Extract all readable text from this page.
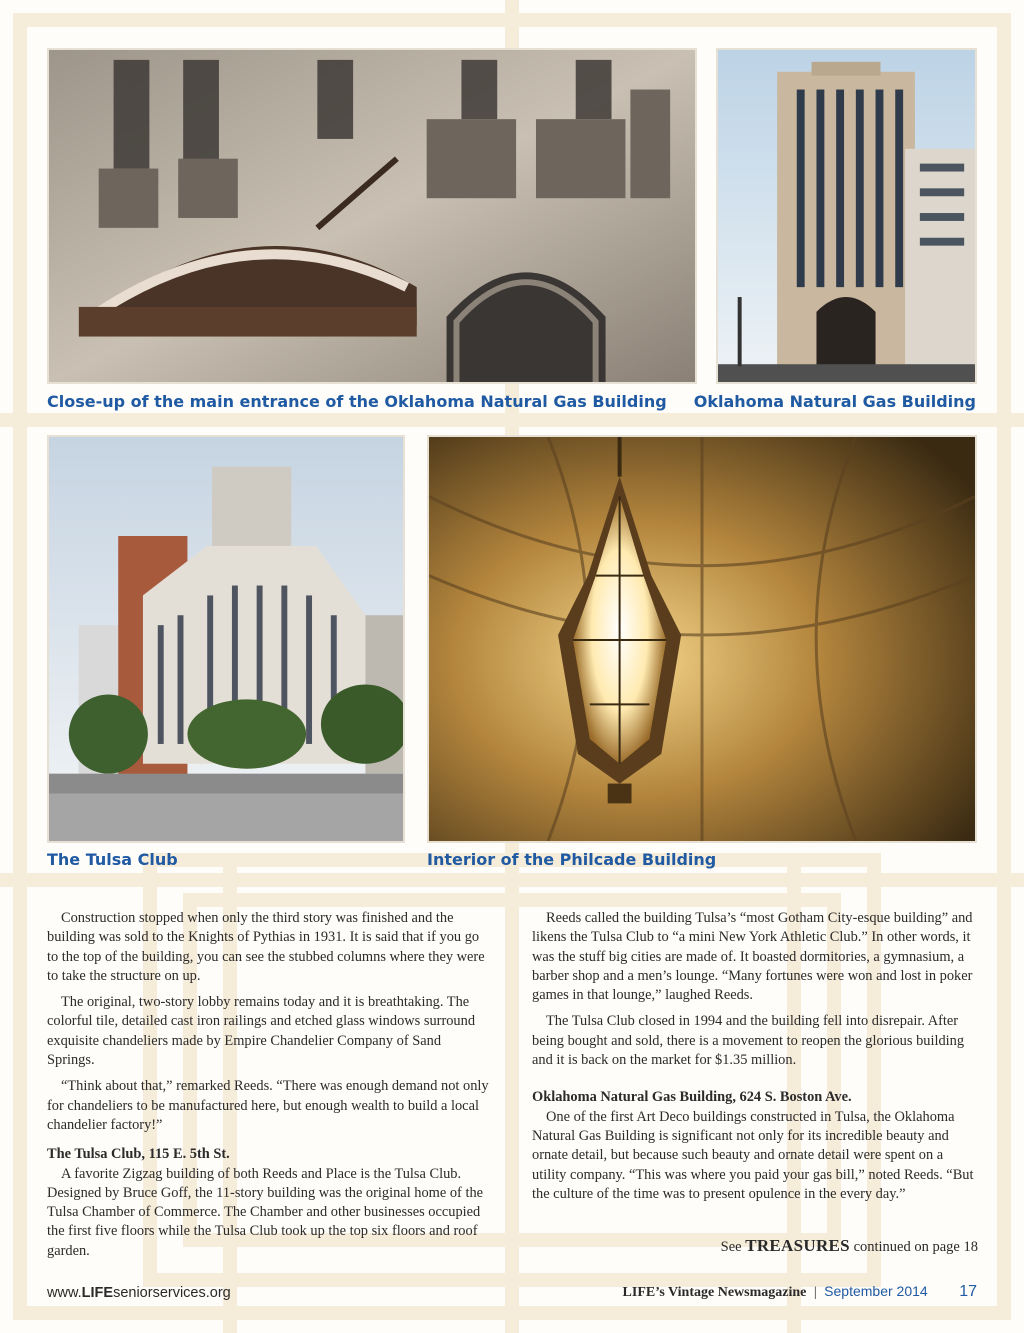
Close-up of the main entrance of the Oklahoma Natural Gas Building Oklahoma Natural Gas Building
The Tulsa Club	Interior of the Philcade Building

Construction stopped when only the third story was finished and the building was sold to the Knights of Pythias in 1931. It is said that if you go to the top of the building, you can see the stubbed columns where they were to take the structure on up.

The original, two-story lobby remains today and it is breathtaking. The colorful tile, detailed cast iron railings and etched glass windows surround exquisite chandeliers made by Empire Chandelier Company of Sand Springs.

“Think about that,” remarked Reeds. “There was enough demand not only for chandeliers to be manufactured here, but enough wealth to build a local chandelier factory!”

The Tulsa Club, 115 E. 5th St.

A favorite Zigzag building of both Reeds and Place is the Tulsa Club. Designed by Bruce Goff, the 11-story building was the original home of the Tulsa Chamber of Commerce. The Chamber and other businesses occupied the first five floors while the Tulsa Club took up the top six floors and roof garden.

Reeds called the building Tulsa’s “most Gotham City-esque building” and likens the Tulsa Club to “a mini New York Athletic Club.” In other words, it was the stuff big cities are made of. It boasted dormitories, a gymnasium, a barber shop and a men’s lounge. “Many fortunes were won and lost in poker games in that lounge,” laughed Reeds.

The Tulsa Club closed in 1994 and the building fell into disrepair. After being bought and sold, there is a movement to reopen the glorious building and it is back on the market for $1.35 million.

Oklahoma Natural Gas Building, 624 S. Boston Ave.

One of the first Art Deco buildings constructed in Tulsa, the Oklahoma Natural Gas Building is significant not only for its incredible beauty and ornate detail, but because such beauty and ornate detail were spent on a utility company. “This was where you paid your gas bill,” noted Reeds. “But the culture of the time was to present opulence in the every day.”

See TREASURES continued on page 18
www.LIFEseniorservices.org	LIFE’s Vintage Newsmagazine | September 2014 17
